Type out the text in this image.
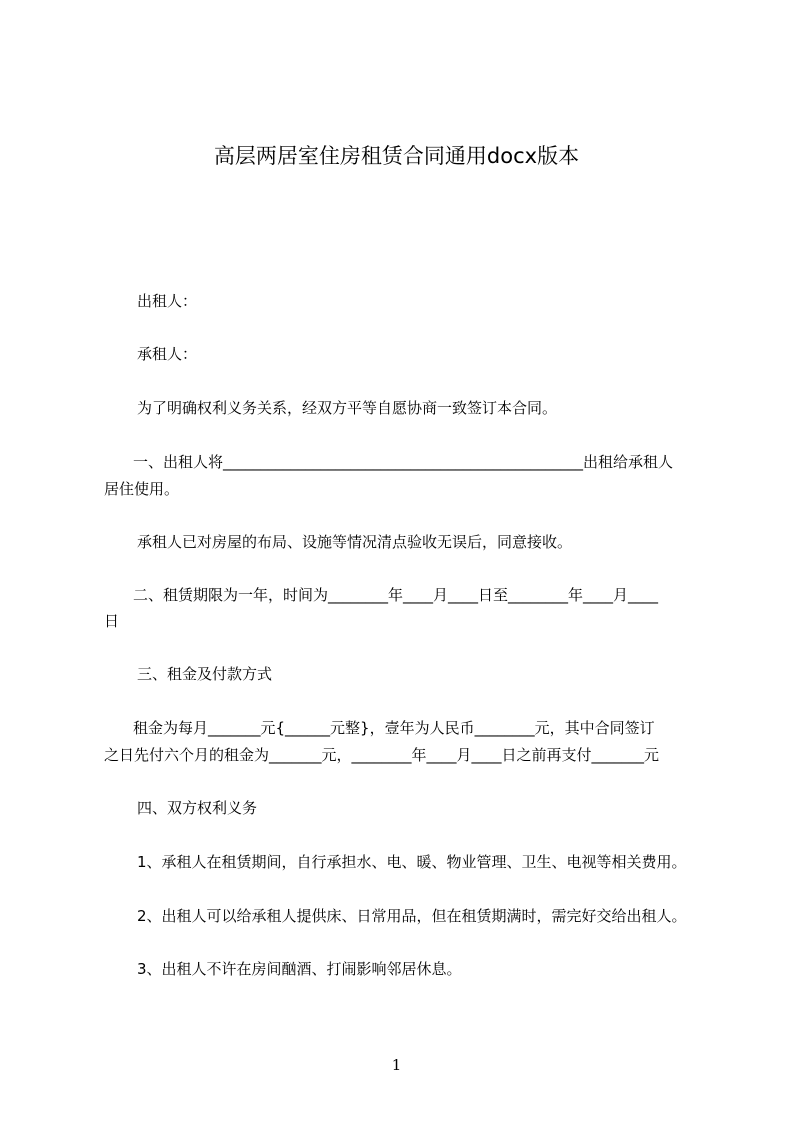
高层两居室住房租赁合同通用docx版本

出租人：

承租人：

为了明确权利义务关系，经双方平等自愿协商一致签订本合同。

一、出租人将________________________________________________出租给承租人

居住使用。

承租人已对房屋的布局、设施等情况清点验收无误后，同意接收。

二、租赁期限为一年，时间为________年____月____日至________年____月____

日

三、租金及付款方式

租金为每月_______元{______元整}，壹年为人民币________元，其中合同签订

之日先付六个月的租金为_______元，________年____月____日之前再支付_______元

四、双方权利义务

1、承租人在租赁期间，自行承担水、电、暖、物业管理、卫生、电视等相关费用。

2、出租人可以给承租人提供床、日常用品，但在租赁期满时，需完好交给出租人。

3、出租人不许在房间酗酒、打闹影响邻居休息。

1
